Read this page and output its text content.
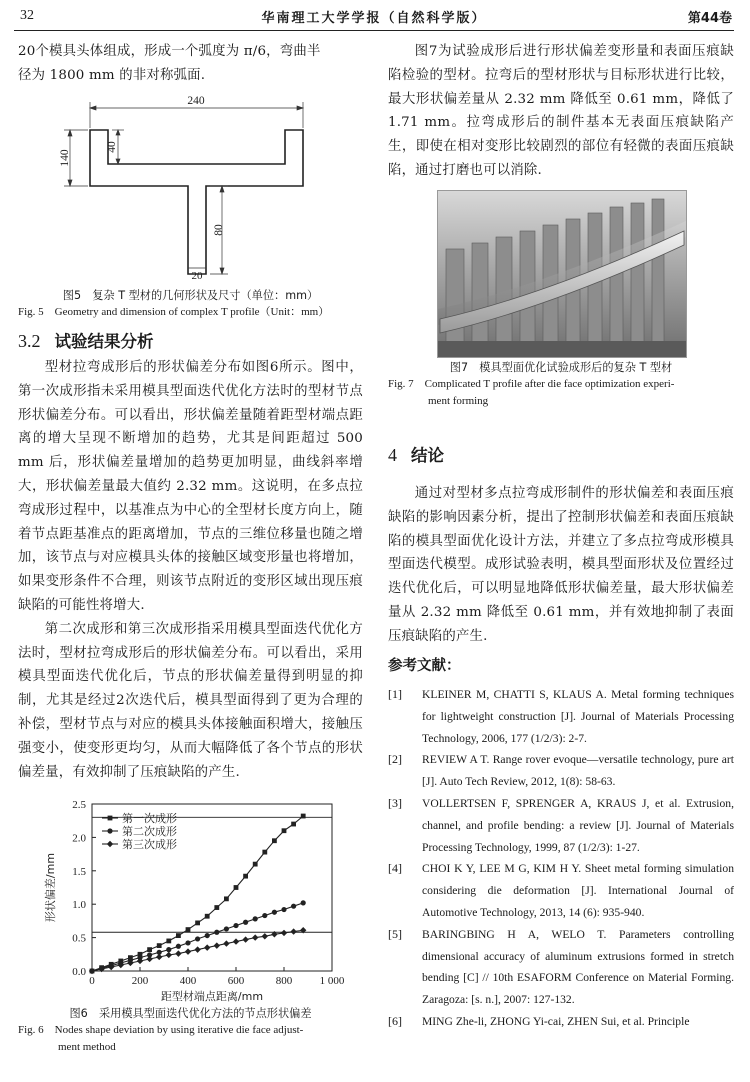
32	华南理工大学学报（自然科学版）	第44卷

20个模具头体组成，形成一个弧度为 π/6，弯曲半

径为 1800 mm 的非对称弧面.

240
140
40
80
20
图5　复杂 T 型材的几何形状及尺寸（单位：mm）
Fig. 5　Geometry and dimension of complex T profile（Unit：mm）
3.2 试验结果分析

型材拉弯成形后的形状偏差分布如图6所示。图中，第一次成形指未采用模具型面迭代优化方法时的型材节点形状偏差分布。可以看出，形状偏差量随着距型材端点距离的增大呈现不断增加的趋势，尤其是间距超过 500 mm 后，形状偏差量增加的趋势更加明显，曲线斜率增大，形状偏差量最大值约 2.32 mm。这说明，在多点拉弯成形过程中，以基准点为中心的全型材长度方向上，随着节点距基准点的距离增加，节点的三维位移量也随之增加，该节点与对应模具头体的接触区域变形量也将增加，如果变形条件不合理，则该节点附近的变形区域出现压痕缺陷的可能性将增大.

第二次成形和第三次成形指采用模具型面迭代优化方法时，型材拉弯成形后的形状偏差分布。可以看出，采用模具型面迭代优化后，节点的形状偏差量得到明显的抑制，尤其是经过2次迭代后，模具型面得到了更为合理的补偿，型材节点与对应的模具头体接触面积增大，接触压强变小，使变形更均匀，从而大幅降低了各个节点的形状偏差量，有效抑制了压痕缺陷的产生.

0.0
0.5
1.0
1.5
2.0
2.5
0	200	400	600	800 1 000
距型材端点距离/mm
形状偏差/mm
第一次成形
第二次成形
第三次成形
图6　采用模具型面迭代优化方法的节点形状偏差
Fig. 6　Nodes shape deviation by using iterative die face adjust-
ment method

图7为试验成形后进行形状偏差变形量和表面压痕缺陷检验的型材。拉弯后的型材形状与目标形状进行比较，最大形状偏差量从 2.32 mm 降低至 0.61 mm，降低了 1.71 mm。拉弯成形后的制件基本无表面压痕缺陷产生，即使在相对变形比较剧烈的部位有轻微的表面压痕缺陷，通过打磨也可以消除.

图7　模具型面优化试验成形后的复杂 T 型材
Fig. 7　Complicated T profile after die face optimization experi-
ment forming
4 结论

通过对型材多点拉弯成形制件的形状偏差和表面压痕缺陷的影响因素分析，提出了控制形状偏差和表面压痕缺陷的模具型面优化设计方法，并建立了多点拉弯成形模具型面迭代模型。成形试验表明，模具型面形状及位置经过迭代优化后，可以明显地降低形状偏差量，最大形状偏差量从 2.32 mm 降低至 0.61 mm，并有效地抑制了表面压痕缺陷的产生.

参考文献：
[1]	KLEINER M, CHATTI S, KLAUS A. Metal forming techniques for lightweight construction [J]. Journal of Materials Processing Technology, 2006, 177 (1/2/3): 2-7.
[2]	REVIEW A T. Range rover evoque—versatile technology, pure art [J]. Auto Tech Review, 2012, 1(8): 58-63.
[3]	VOLLERTSEN F, SPRENGER A, KRAUS J, et al. Extrusion, channel, and profile bending: a review [J]. Journal of Materials Processing Technology, 1999, 87 (1/2/3): 1-27.
[4]	CHOI K Y, LEE M G, KIM H Y. Sheet metal forming simulation considering die deformation [J]. International Journal of Automotive Technology, 2013, 14 (6): 935-940.
[5]	BARINGBING H A, WELO T. Parameters controlling dimensional accuracy of aluminum extrusions formed in stretch bending [C] // 10th ESAFORM Conference on Material Forming. Zaragoza: [s. n.], 2007: 127-132.
[6]	MING Zhe-li, ZHONG Yi-cai, ZHEN Sui, et al. Principle
